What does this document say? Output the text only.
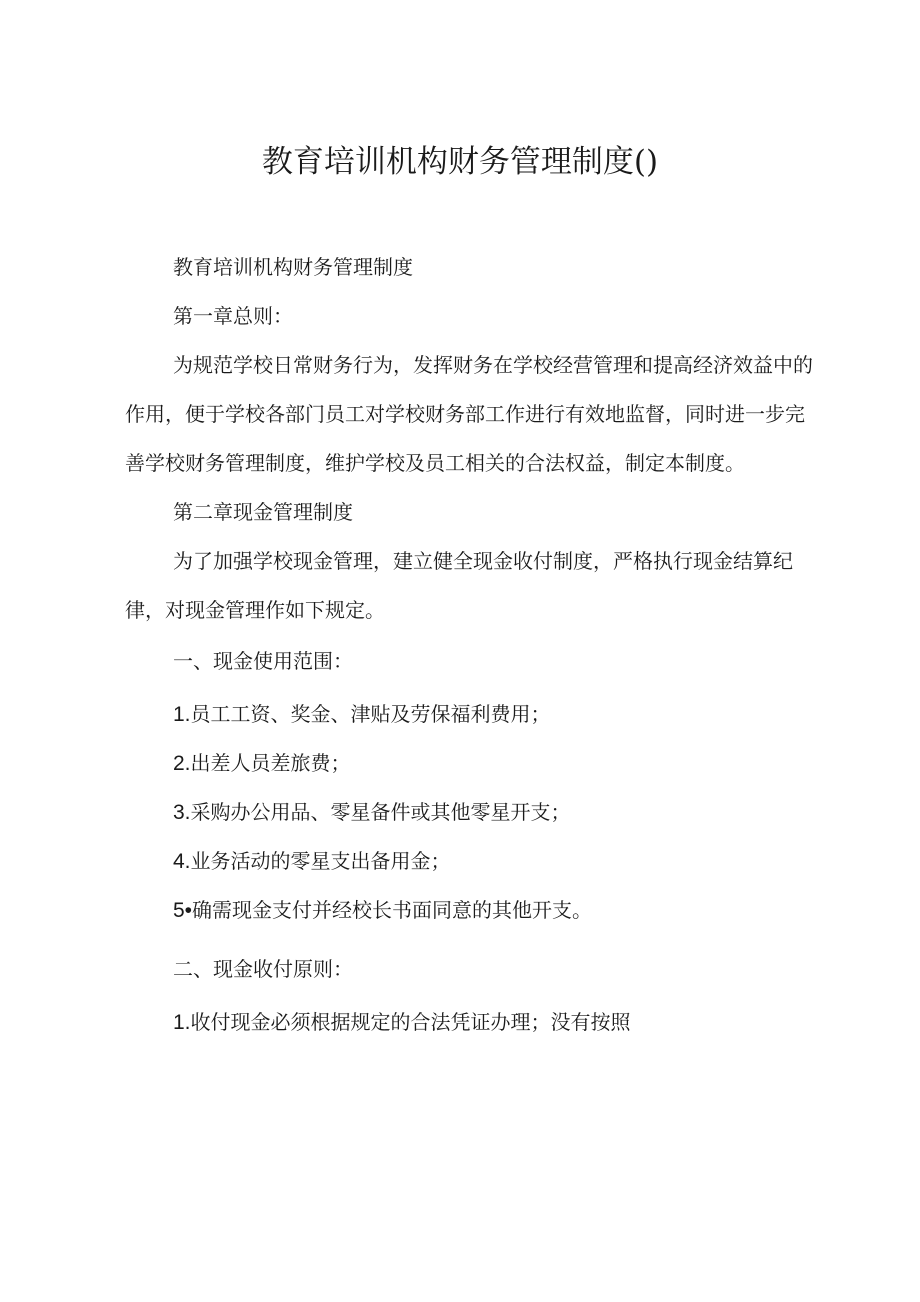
教育培训机构财务管理制度()

教育培训机构财务管理制度

第一章总则：

为规范学校日常财务行为，发挥财务在学校经营管理和提高经济效益中的作用，便于学校各部门员工对学校财务部工作进行有效地监督，同时进一步完善学校财务管理制度，维护学校及员工相关的合法权益，制定本制度。

第二章现金管理制度

为了加强学校现金管理，建立健全现金收付制度，严格执行现金结算纪律，对现金管理作如下规定。

一、现金使用范围：

1.员工工资、奖金、津贴及劳保福利费用；

2.出差人员差旅费；

3.采购办公用品、零星备件或其他零星开支；

4.业务活动的零星支出备用金；

5•确需现金支付并经校长书面同意的其他开支。

二、现金收付原则：

1.收付现金必须根据规定的合法凭证办理；没有按照
